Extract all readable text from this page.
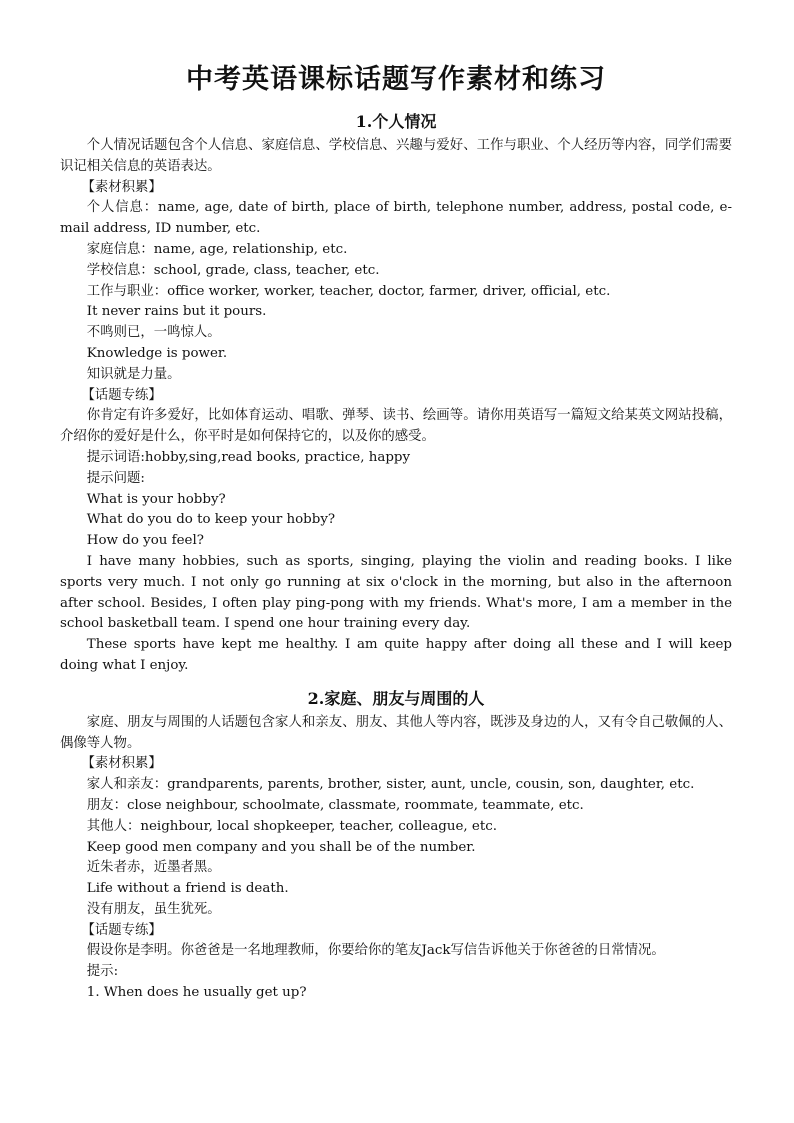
中考英语课标话题写作素材和练习
1.个人情况

个人情况话题包含个人信息、家庭信息、学校信息、兴趣与爱好、工作与职业、个人经历等内容，同学们需要识记相关信息的英语表达。

【素材积累】

个人信息：name, age, date of birth, place of birth, telephone number, address, postal code, e-mail address, ID number, etc.

家庭信息：name, age, relationship, etc.

学校信息：school, grade, class, teacher, etc.

工作与职业：office worker, worker, teacher, doctor, farmer, driver, official, etc.

It never rains but it pours.

不鸣则已，一鸣惊人。

Knowledge is power.

知识就是力量。

【话题专练】

你肯定有许多爱好，比如体育运动、唱歌、弹琴、读书、绘画等。请你用英语写一篇短文给某英文网站投稿，介绍你的爱好是什么，你平时是如何保持它的，以及你的感受。

提示词语:hobby,sing,read books, practice, happy

提示问题:

What is your hobby?

What do you do to keep your hobby?

How do you feel?

I have many hobbies, such as sports, singing, playing the violin and reading books. I like sports very much. I not only go running at six o'clock in the morning, but also in the afternoon after school. Besides, I often play ping-pong with my friends. What's more, I am a member in the school basketball team. I spend one hour training every day.

These sports have kept me healthy. I am quite happy after doing all these and I will keep doing what I enjoy.

2.家庭、朋友与周围的人

家庭、朋友与周围的人话题包含家人和亲友、朋友、其他人等内容，既涉及身边的人，又有令自己敬佩的人、偶像等人物。

【素材积累】

家人和亲友：grandparents, parents, brother, sister, aunt, uncle, cousin, son, daughter, etc.

朋友：close neighbour, schoolmate, classmate, roommate, teammate, etc.

其他人：neighbour, local shopkeeper, teacher, colleague, etc.

Keep good men company and you shall be of the number.

近朱者赤，近墨者黑。

Life without a friend is death.

没有朋友，虽生犹死。

【话题专练】

假设你是李明。你爸爸是一名地理教师，你要给你的笔友Jack写信告诉他关于你爸爸的日常情况。

提示:

1. When does he usually get up?
